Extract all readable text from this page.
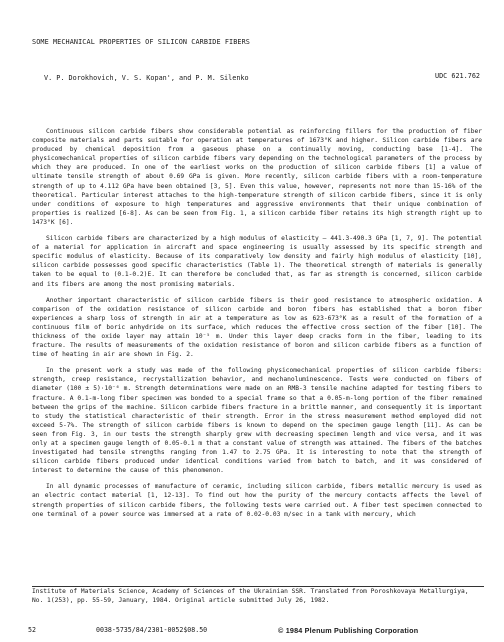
SOME MECHANICAL PROPERTIES OF SILICON CARBIDE FIBERS
V. P. Dorokhovich, V. S. Kopan', and P. M. Silenko	UDC 621.762

Continuous silicon carbide fibers show considerable potential as reinforcing fillers for the production of fiber composite materials and parts suitable for operation at temperatures of 1673°K and higher. Silicon carbide fibers are produced by chemical deposition from a gaseous phase on a continually moving, conducting base [1-4]. The physicomechanical properties of silicon carbide fibers vary depending on the technological parameters of the process by which they are produced. In one of the earliest works on the production of silicon carbide fibers [1] a value of ultimate tensile strength of about 0.69 GPa is given. More recently, silicon carbide fibers with a room-temperature strength of up to 4.112 GPa have been obtained [3, 5]. Even this value, however, represents not more than 15-16% of the theoretical. Particular interest attaches to the high-temperature strength of silicon carbide fibers, since it is only under conditions of exposure to high temperatures and aggressive environments that their unique combination of properties is realized [6-8]. As can be seen from Fig. 1, a silicon carbide fiber retains its high strength right up to 1473°K [6].

Silicon carbide fibers are characterized by a high modulus of elasticity – 441.3-490.3 GPa [1, 7, 9]. The potential of a material for application in aircraft and space engineering is usually assessed by its specific strength and specific modulus of elasticity. Because of its comparatively low density and fairly high modulus of elasticity [10], silicon carbide possesses good specific characteristics (Table 1). The theoretical strength of materials is generally taken to be equal to (0.1-0.2)E. It can therefore be concluded that, as far as strength is concerned, silicon carbide and its fibers are among the most promising materials.

Another important characteristic of silicon carbide fibers is their good resistance to atmospheric oxidation. A comparison of the oxidation resistance of silicon carbide and boron fibers has established that a boron fiber experiences a sharp loss of strength in air at a temperature as low as 623-673°K as a result of the formation of a continuous film of boric anhydride on its surface, which reduces the effective cross section of the fiber [10]. The thickness of the oxide layer may attain 10⁻⁵ m. Under this layer deep cracks form in the fiber, leading to its fracture. The results of measurements of the oxidation resistance of boron and silicon carbide fibers as a function of time of heating in air are shown in Fig. 2.

In the present work a study was made of the following physicomechanical properties of silicon carbide fibers: strength, creep resistance, recrystallization behavior, and mechanoluminescence. Tests were conducted on fibers of diameter (100 ± 5)·10⁻⁶ m. Strength determinations were made on an RMB-3 tensile machine adapted for testing fibers to fracture. A 0.1-m-long fiber specimen was bonded to a special frame so that a 0.05-m-long portion of the fiber remained between the grips of the machine. Silicon carbide fibers fracture in a brittle manner, and consequently it is important to study the statistical characteristic of their strength. Error in the stress measurement method employed did not exceed 5-7%. The strength of silicon carbide fibers is known to depend on the specimen gauge length [11]. As can be seen from Fig. 3, in our tests the strength sharply grew with decreasing specimen length and vice versa, and it was only at a specimen gauge length of 0.05-0.1 m that a constant value of strength was attained. The fibers of the batches investigated had tensile strengths ranging from 1.47 to 2.75 GPa. It is interesting to note that the strength of silicon carbide fibers produced under identical conditions varied from batch to batch, and it was considered of interest to determine the cause of this phenomenon.

In all dynamic processes of manufacture of ceramic, including silicon carbide, fibers metallic mercury is used as an electric contact material [1, 12-13]. To find out how the purity of the mercury contacts affects the level of strength properties of silicon carbide fibers, the following tests were carried out. A fiber test specimen connected to one terminal of a power source was immersed at a rate of 0.02-0.03 m/sec in a tank with mercury, which

Institute of Materials Science, Academy of Sciences of the Ukrainian SSR. Translated from Poroshkovaya Metallurgiya, No. 1(253), pp. 55-59, January, 1984. Original article submitted July 26, 1982.
52	0038-5735/84/2301-0052$08.50	© 1984 Plenum Publishing Corporation
